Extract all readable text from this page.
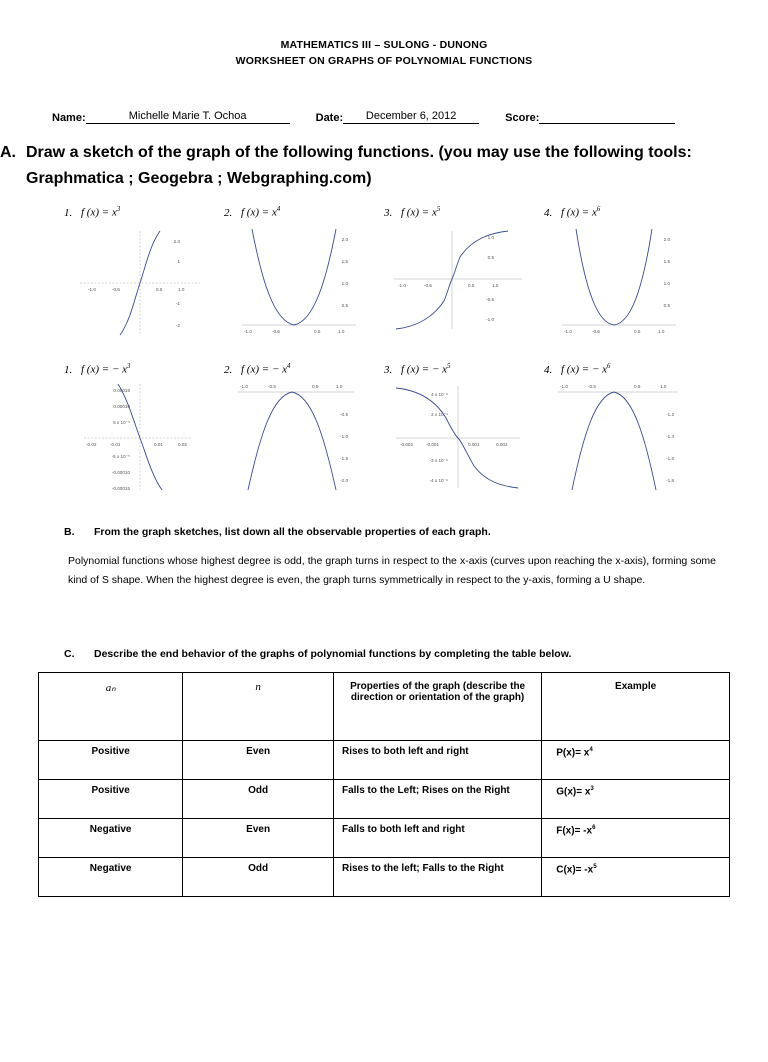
MATHEMATICS III – SULONG - DUNONG
WORKSHEET ON GRAPHS OF POLYNOMIAL FUNCTIONS
Name:	Michelle Marie T. Ochoa	Date:	December 6, 2012	Score:
A. Draw a sketch of the graph of the following functions. (you may use the following tools: Graphmatica ; Geogebra ; Webgraphing.com)
1. f $(x) = x^3$	2. f $(x) = x^4$	3. f $(x) = x^5$	4. f $(x) = x^6$
2.0
1
-1
-2
-1.0	-0.5	0.5	1.0
2.0
1.5
1.0
0.5
-1.0	-0.5	0.5	1.0
1.0
0.5
-0.5
-1.0
-1.0	-0.5	0.5	1.0
2.0
1.5
1.0
0.5
-1.0	-0.5	0.5	1.0
1. f (x) = − $x^3$	2. f (x) = − $x^4$	3. f (x) = − $x^5$	4. f (x) = − $x^6$
0.00015
0.00010
5 x 10⁻⁵
-5 x 10⁻⁵
-0.00010
-0.00015
-0.02	-0.01	0.01	0.02
-1.0	-0.5	0.5	1.0
-0.5
-1.0
-1.5
-2.0
4 x 10⁻⁹
2 x 10⁻⁹
-2 x 10⁻⁹
-4 x 10⁻⁹
-0.002	-0.001	0.001	0.002
-1.0	-0.5	0.5	1.0
-1.2
-1.4
-1.6
-1.8
B.	From the graph sketches, list down all the observable properties of each graph.
Polynomial functions whose highest degree is odd, the graph turns in respect to the x-axis (curves upon reaching the x-axis), forming some kind of S shape. When the highest degree is even, the graph turns symmetrically in respect to the y-axis, forming a U shape.
C.	Describe the end behavior of the graphs of polynomial functions by completing the table below.
aₙ	n	Properties of the graph (describe the direction or orientation of the graph)	Example
Positive	Even	Rises to both left and right	$P(x)= x^4$
Positive	Odd	Falls to the Left; Rises on the Right	$G(x)= x^3$
Negative	Even	Falls to both left and right	$F(x)= -x^6$
Negative	Odd	Rises to the left; Falls to the Right	$C(x)= -x^5$
